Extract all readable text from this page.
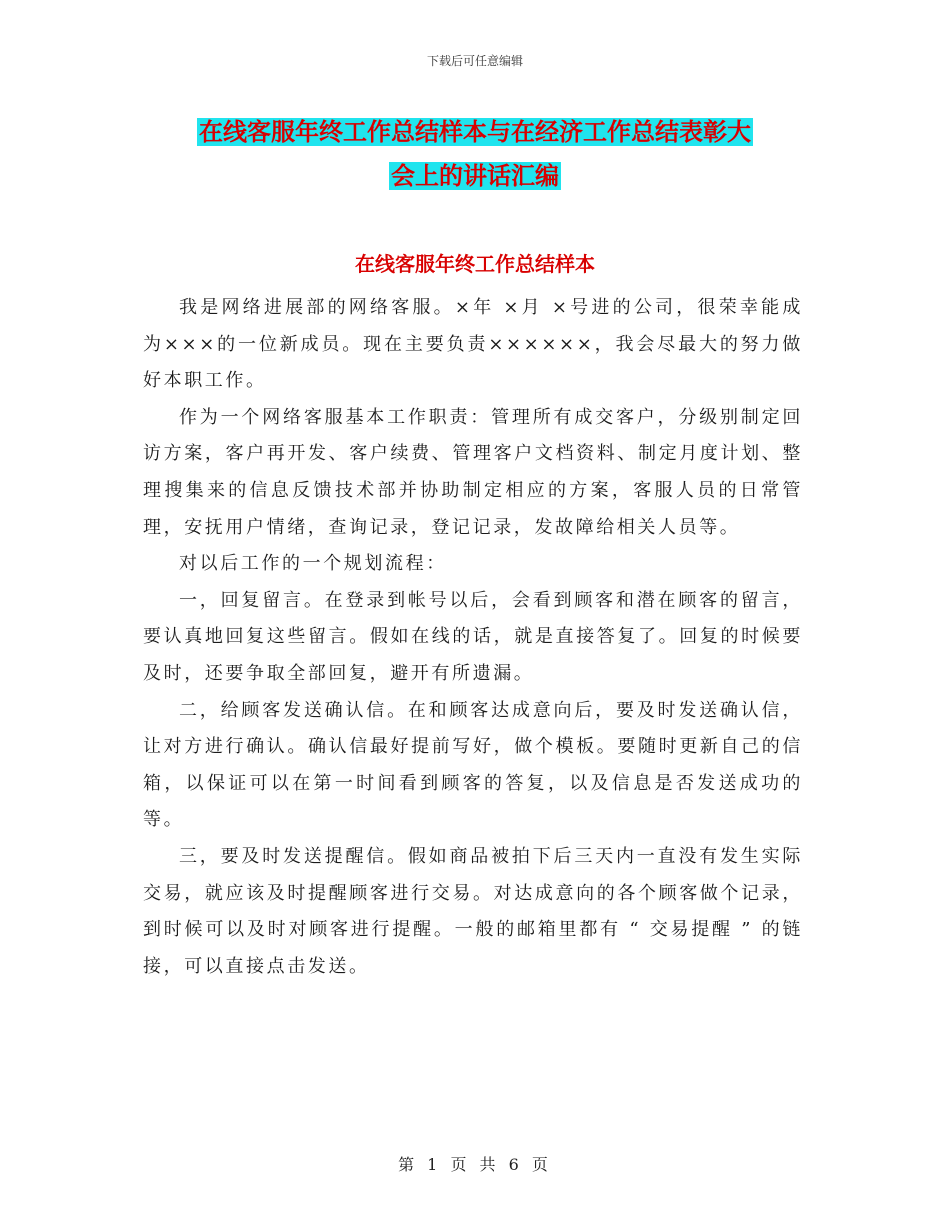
下载后可任意编辑
在线客服年终工作总结样本与在经济工作总结表彰大
会上的讲话汇编
在线客服年终工作总结样本

我是网络进展部的网络客服。×年 ×月 ×号进的公司，很荣幸能成为×××的一位新成员。现在主要负责××××××，我会尽最大的努力做好本职工作。

作为一个网络客服基本工作职责：管理所有成交客户，分级别制定回访方案，客户再开发、客户续费、管理客户文档资料、制定月度计划、整理搜集来的信息反馈技术部并协助制定相应的方案，客服人员的日常管理，安抚用户情绪，查询记录，登记记录，发故障给相关人员等。

对以后工作的一个规划流程：

一，回复留言。在登录到帐号以后，会看到顾客和潜在顾客的留言，要认真地回复这些留言。假如在线的话，就是直接答复了。回复的时候要及时，还要争取全部回复，避开有所遗漏。

二，给顾客发送确认信。在和顾客达成意向后，要及时发送确认信，让对方进行确认。确认信最好提前写好，做个模板。要随时更新自己的信箱，以保证可以在第一时间看到顾客的答复，以及信息是否发送成功的等。

三，要及时发送提醒信。假如商品被拍下后三天内一直没有发生实际交易，就应该及时提醒顾客进行交易。对达成意向的各个顾客做个记录，到时候可以及时对顾客进行提醒。一般的邮箱里都有 “ 交易提醒 ” 的链接，可以直接点击发送。

第 1 页 共 6 页
